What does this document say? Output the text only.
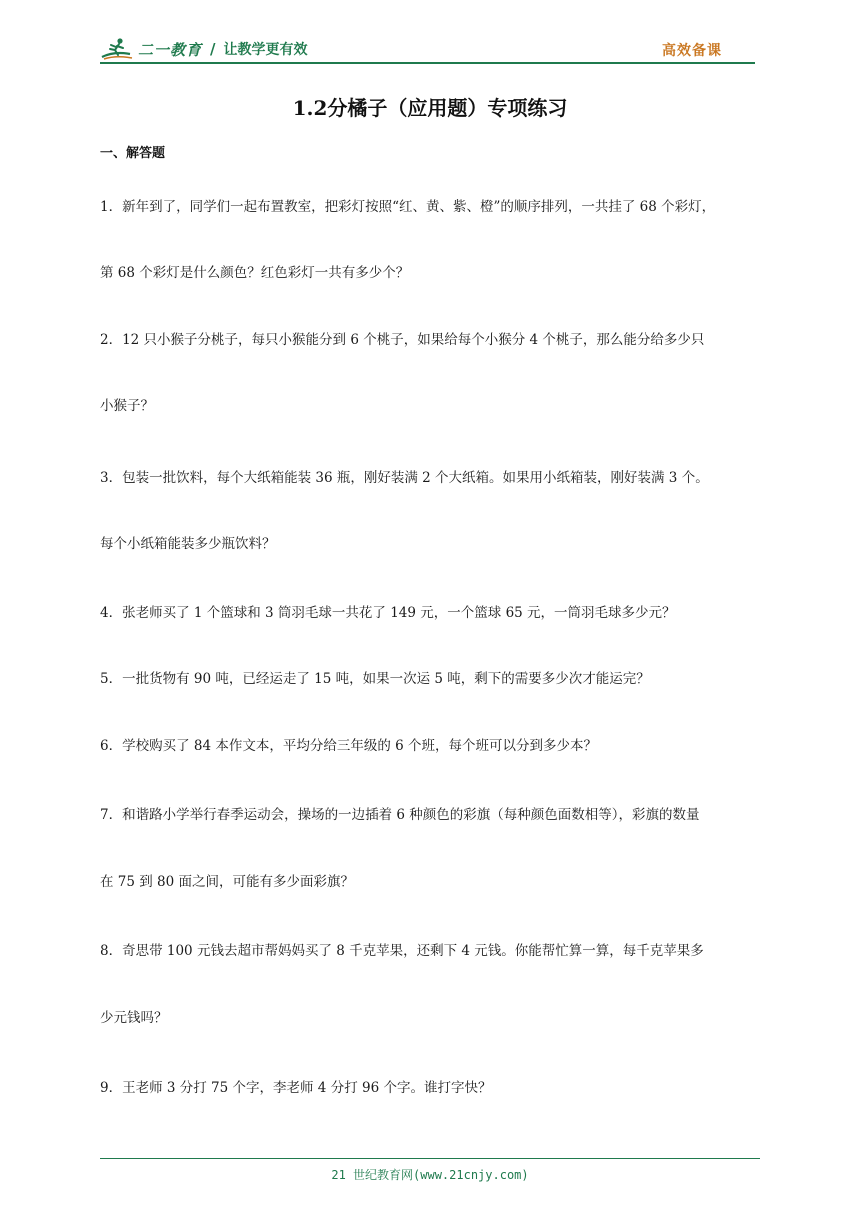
二一教育 / 让教学更有效	高效备课
1.2分橘子（应用题）专项练习
一、解答题
1．新年到了，同学们一起布置教室，把彩灯按照“红、黄、紫、橙”的顺序排列，一共挂了 68 个彩灯，
第 68 个彩灯是什么颜色？红色彩灯一共有多少个？
2．12 只小猴子分桃子，每只小猴能分到 6 个桃子，如果给每个小猴分 4 个桃子，那么能分给多少只
小猴子？
3．包装一批饮料，每个大纸箱能装 36 瓶，刚好装满 2 个大纸箱。如果用小纸箱装，刚好装满 3 个。
每个小纸箱能装多少瓶饮料？
4．张老师买了 1 个篮球和 3 筒羽毛球一共花了 149 元，一个篮球 65 元，一筒羽毛球多少元？
5．一批货物有 90 吨，已经运走了 15 吨，如果一次运 5 吨，剩下的需要多少次才能运完？
6．学校购买了 84 本作文本，平均分给三年级的 6 个班，每个班可以分到多少本？
7．和谐路小学举行春季运动会，操场的一边插着 6 种颜色的彩旗（每种颜色面数相等），彩旗的数量
在 75 到 80 面之间，可能有多少面彩旗？
8．奇思带 100 元钱去超市帮妈妈买了 8 千克苹果，还剩下 4 元钱。你能帮忙算一算，每千克苹果多
少元钱吗？
9．王老师 3 分打 75 个字，李老师 4 分打 96 个字。谁打字快？
21 世纪教育网(www.21cnjy.com)
